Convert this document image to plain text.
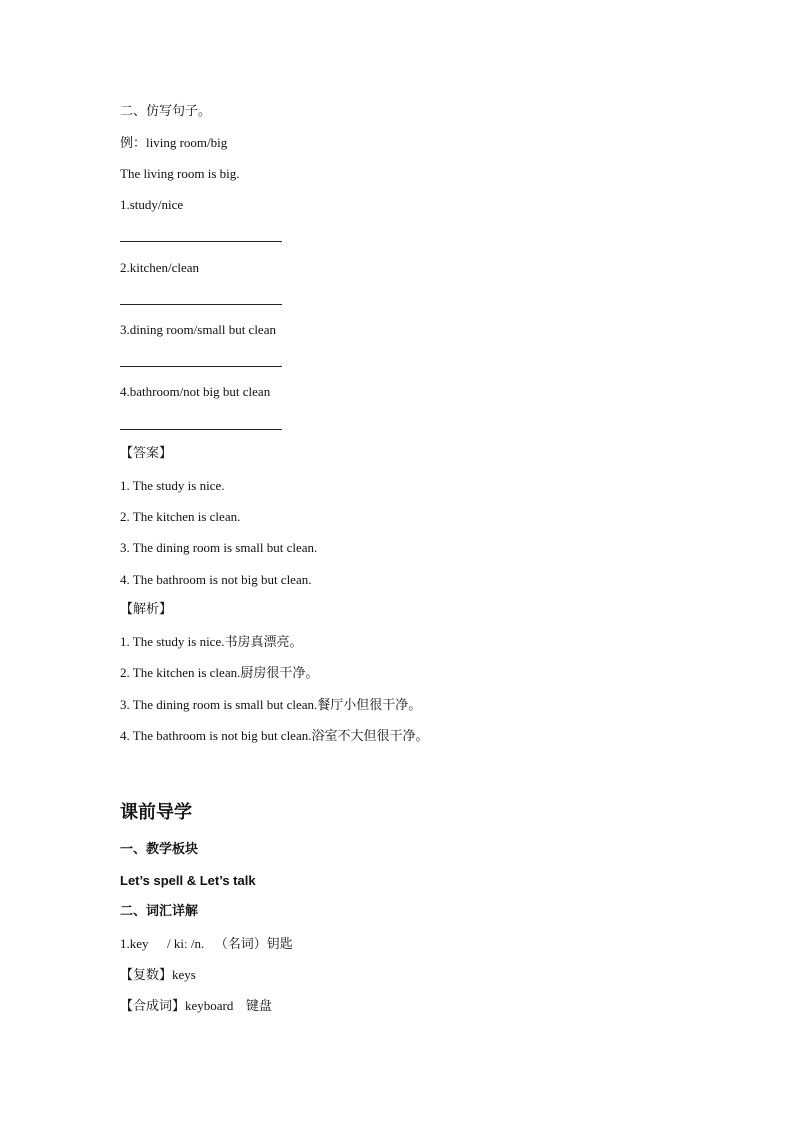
二、仿写句子。
例：living room/big
The living room is big.
1.study/nice
2.kitchen/clean
3.dining room/small but clean
4.bathroom/not big but clean
【答案】
1. The study is nice.
2. The kitchen is clean.
3. The dining room is small but clean.
4. The bathroom is not big but clean.
【解析】
1. The study is nice.书房真漂亮。
2. The kitchen is clean.厨房很干净。
3. The dining room is small but clean.餐厅小但很干净。
4. The bathroom is not big but clean.浴室不大但很干净。
课前导学
一、教学板块
Let’s spell & Let’s talk
二、词汇详解
1.key / kiː /n. （名词）钥匙
【复数】keys
【合成词】keyboard 键盘
